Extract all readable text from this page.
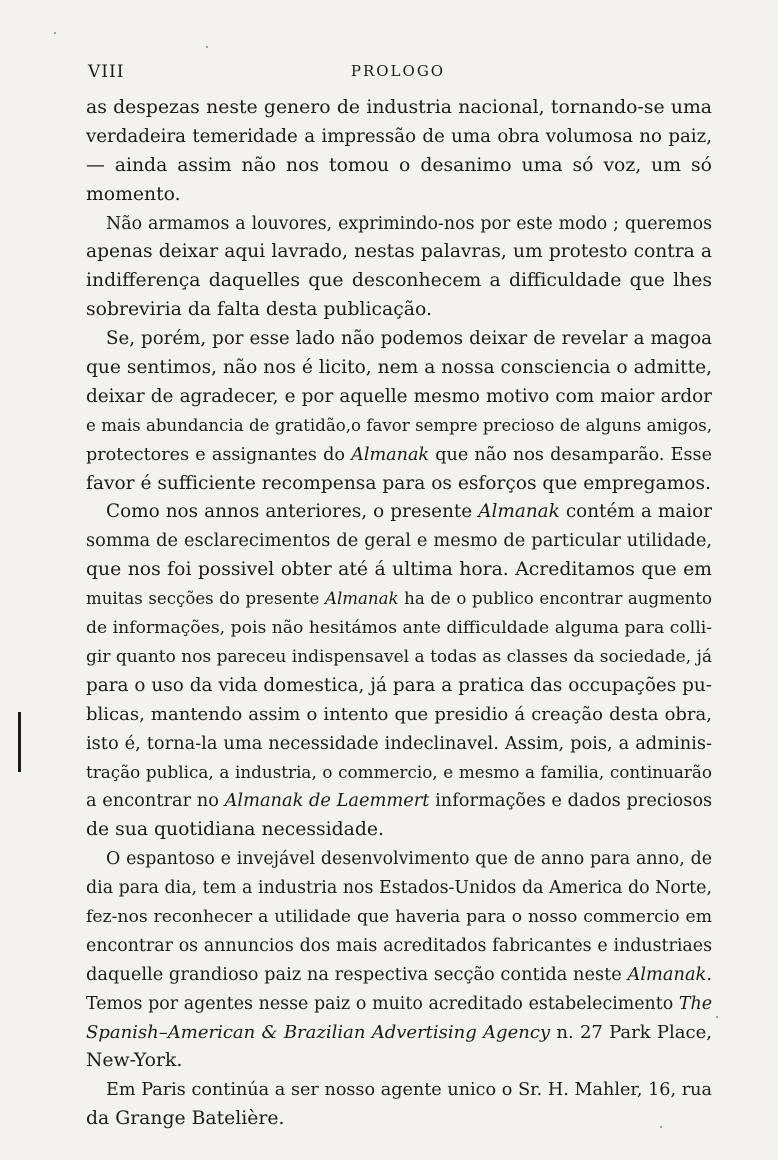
VIII	PROLOGO
as despezas neste genero de industria nacional, tornando-se uma
verdadeira temeridade a impressão de uma obra volumosa no paiz,
— ainda assim não nos tomou o desanimo uma só voz, um só
momento.
Não armamos a louvores, exprimindo-nos por este modo ; queremos
apenas deixar aqui lavrado, nestas palavras, um protesto contra a
indifferença daquelles que desconhecem a difficuldade que lhes
sobreviria da falta desta publicação.
Se, porém, por esse lado não podemos deixar de revelar a magoa
que sentimos, não nos é licito, nem a nossa consciencia o admitte,
deixar de agradecer, e por aquelle mesmo motivo com maior ardor
e mais abundancia de gratidão,o favor sempre precioso de alguns amigos,
protectores e assignantes do Almanak que não nos desamparão. Esse
favor é sufficiente recompensa para os esforços que empregamos.
Como nos annos anteriores, o presente Almanak contém a maior
somma de esclarecimentos de geral e mesmo de particular utilidade,
que nos foi possivel obter até á ultima hora. Acreditamos que em
muitas secções do presente Almanak ha de o publico encontrar augmento
de informações, pois não hesitámos ante difficuldade alguma para colli-
gir quanto nos pareceu indispensavel a todas as classes da sociedade, já
para o uso da vida domestica, já para a pratica das occupações pu-
blicas, mantendo assim o intento que presidio á creação desta obra,
isto é, torna-la uma necessidade indeclinavel. Assim, pois, a adminis-
tração publica, a industria, o commercio, e mesmo a familia, continuarão
a encontrar no Almanak de Laemmert informações e dados preciosos
de sua quotidiana necessidade.
O espantoso e invejável desenvolvimento que de anno para anno, de
dia para dia, tem a industria nos Estados-Unidos da America do Norte,
fez-nos reconhecer a utilidade que haveria para o nosso commercio em
encontrar os annuncios dos mais acreditados fabricantes e industriaes
daquelle grandioso paiz na respectiva secção contida neste Almanak.
Temos por agentes nesse paiz o muito acreditado estabelecimento The
Spanish–American & Brazilian Advertising Agency n. 27 Park Place,
New-York.
Em Paris continúa a ser nosso agente unico o Sr. H. Mahler, 16, rua
da Grange Batelière.
